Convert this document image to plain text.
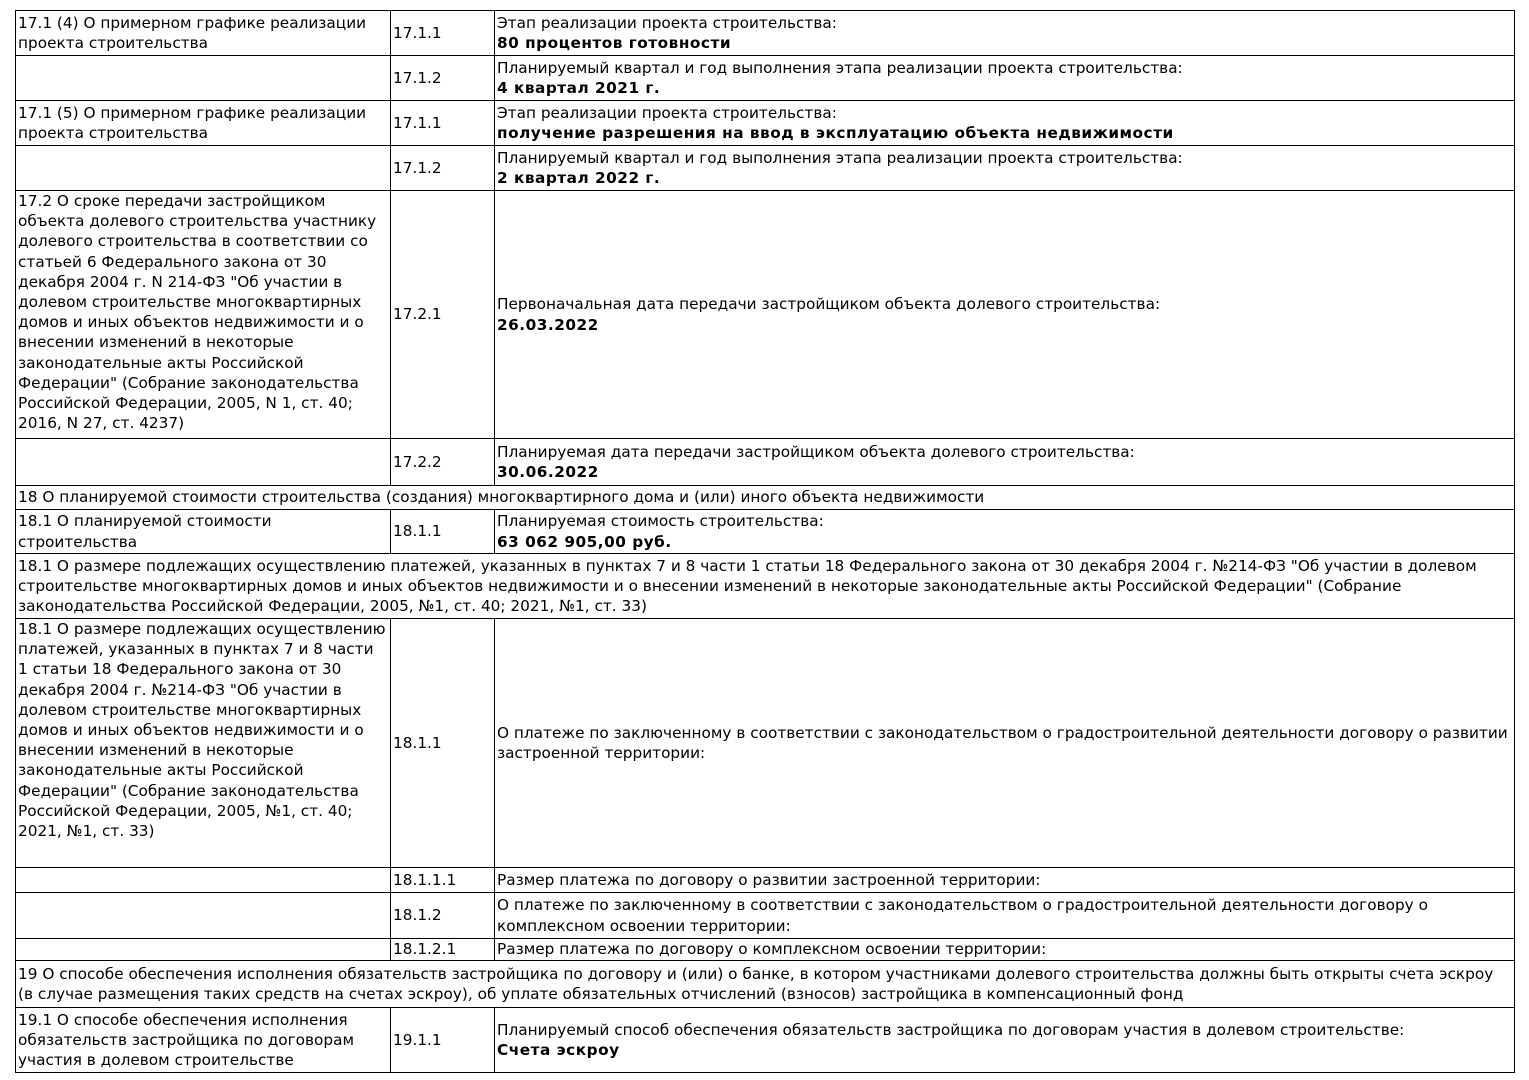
17.1 (4) О примерном графике реализации проекта строительства	17.1.1	Этап реализации проекта строительства:
80 процентов готовности

	17.1.2	Планируемый квартал и год выполнения этапа реализации проекта строительства:
4 квартал 2021 г.

17.1 (5) О примерном графике реализации проекта строительства	17.1.1	Этап реализации проекта строительства:
получение разрешения на ввод в эксплуатацию объекта недвижимости

	17.1.2	Планируемый квартал и год выполнения этапа реализации проекта строительства:
2 квартал 2022 г.

17.2 О сроке передачи застройщиком объекта долевого строительства участнику долевого строительства в соответствии со статьей 6 Федерального закона от 30 декабря 2004 г. N 214-ФЗ "Об участии в долевом строительстве многоквартирных домов и иных объектов недвижимости и о внесении изменений в некоторые законодательные акты Российской Федерации" (Собрание законодательства Российской Федерации, 2005, N 1, ст. 40; 2016, N 27, ст. 4237)	17.2.1	Первоначальная дата передачи застройщиком объекта долевого строительства:
26.03.2022

	17.2.2	Планируемая дата передачи застройщиком объекта долевого строительства:
30.06.2022

18 О планируемой стоимости строительства (создания) многоквартирного дома и (или) иного объекта недвижимости		
18.1 О планируемой стоимости строительства	18.1.1	Планируемая стоимость строительства:
63 062 905,00 руб.

18.1 О размере подлежащих осуществлению платежей, указанных в пунктах 7 и 8 части 1 статьи 18 Федерального закона от 30 декабря 2004 г. №214-ФЗ "Об участии в долевом строительстве многоквартирных домов и иных объектов недвижимости и о внесении изменений в некоторые законодательные акты Российской Федерации" (Собрание законодательства Российской Федерации, 2005, №1, ст. 40; 2021, №1, ст. 33)		
18.1 О размере подлежащих осуществлению платежей, указанных в пунктах 7 и 8 части 1 статьи 18 Федерального закона от 30 декабря 2004 г. №214-ФЗ "Об участии в долевом строительстве многоквартирных домов и иных объектов недвижимости и о внесении изменений в некоторые законодательные акты Российской Федерации" (Собрание законодательства Российской Федерации, 2005, №1, ст. 40; 2021, №1, ст. 33)	18.1.1	О платеже по заключенному в соответствии с законодательством о градостроительной деятельности договору о развитии застроенной территории:

	18.1.1.1	Размер платежа по договору о развитии застроенной территории:

	18.1.2	О платеже по заключенному в соответствии с законодательством о градостроительной деятельности договору о комплексном освоении территории:

	18.1.2.1	Размер платежа по договору о комплексном освоении территории:

19 О способе обеспечения исполнения обязательств застройщика по договору и (или) о банке, в котором участниками долевого строительства должны быть открыты счета эскроу (в случае размещения таких средств на счетах эскроу), об уплате обязательных отчислений (взносов) застройщика в компенсационный фонд		
19.1 О способе обеспечения исполнения обязательств застройщика по договорам участия в долевом строительстве	19.1.1	Планируемый способ обеспечения обязательств застройщика по договорам участия в долевом строительстве:
Счета эскроу
